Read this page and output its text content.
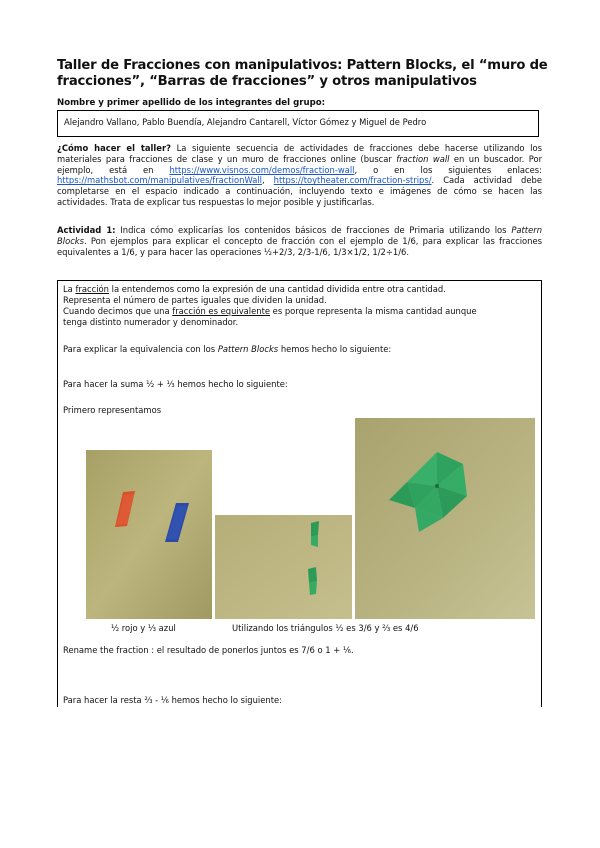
Taller de Fracciones con manipulativos: Pattern Blocks, el “muro de fracciones”, “Barras de fracciones” y otros manipulativos
Nombre y primer apellido de los integrantes del grupo:
Alejandro Vallano, Pablo Buendía, Alejandro Cantarell, Víctor Gómez y Miguel de Pedro

¿Cómo hacer el taller? La siguiente secuencia de actividades de fracciones debe hacerse utilizando los materiales para fracciones de clase y un muro de fracciones online (buscar fraction wall en un buscador. Por ejemplo, está en https://www.visnos.com/demos/fraction-wall, o en los siguientes enlaces: https://mathsbot.com/manipulatives/fractionWall, https://toytheater.com/fraction-strips/. Cada actividad debe completarse en el espacio indicado a continuación, incluyendo texto e imágenes de cómo se hacen las actividades. Trata de explicar tus respuestas lo mejor posible y justificarlas.

Actividad 1: Indica cómo explicarías los contenidos básicos de fracciones de Primaria utilizando los Pattern Blocks. Pon ejemplos para explicar el concepto de fracción con el ejemplo de 1/6, para explicar las fracciones equivalentes a 1/6, y para hacer las operaciones ½+2/3, 2/3-1/6, 1/3×1/2, 1/2÷1/6.

La fracción la entendemos como la expresión de una cantidad dividida entre otra cantidad.

Representa el número de partes iguales que dividen la unidad.

Cuando decimos que una fracción es equivalente es porque representa la misma cantidad aunque

tenga distinto numerador y denominador.

Para explicar la equivalencia con los Pattern Blocks hemos hecho lo siguiente:

Para hacer la suma ½ + ⅓ hemos hecho lo siguiente:

Primero representamos

½ rojo y ⅓ azul	Utilizando los triángulos ½ es 3/6 y ⅔ es 4/6

Rename the fraction : el resultado de ponerlos juntos es 7/6 o 1 + ⅙.

Para hacer la resta ⅔ - ⅙ hemos hecho lo siguiente:
